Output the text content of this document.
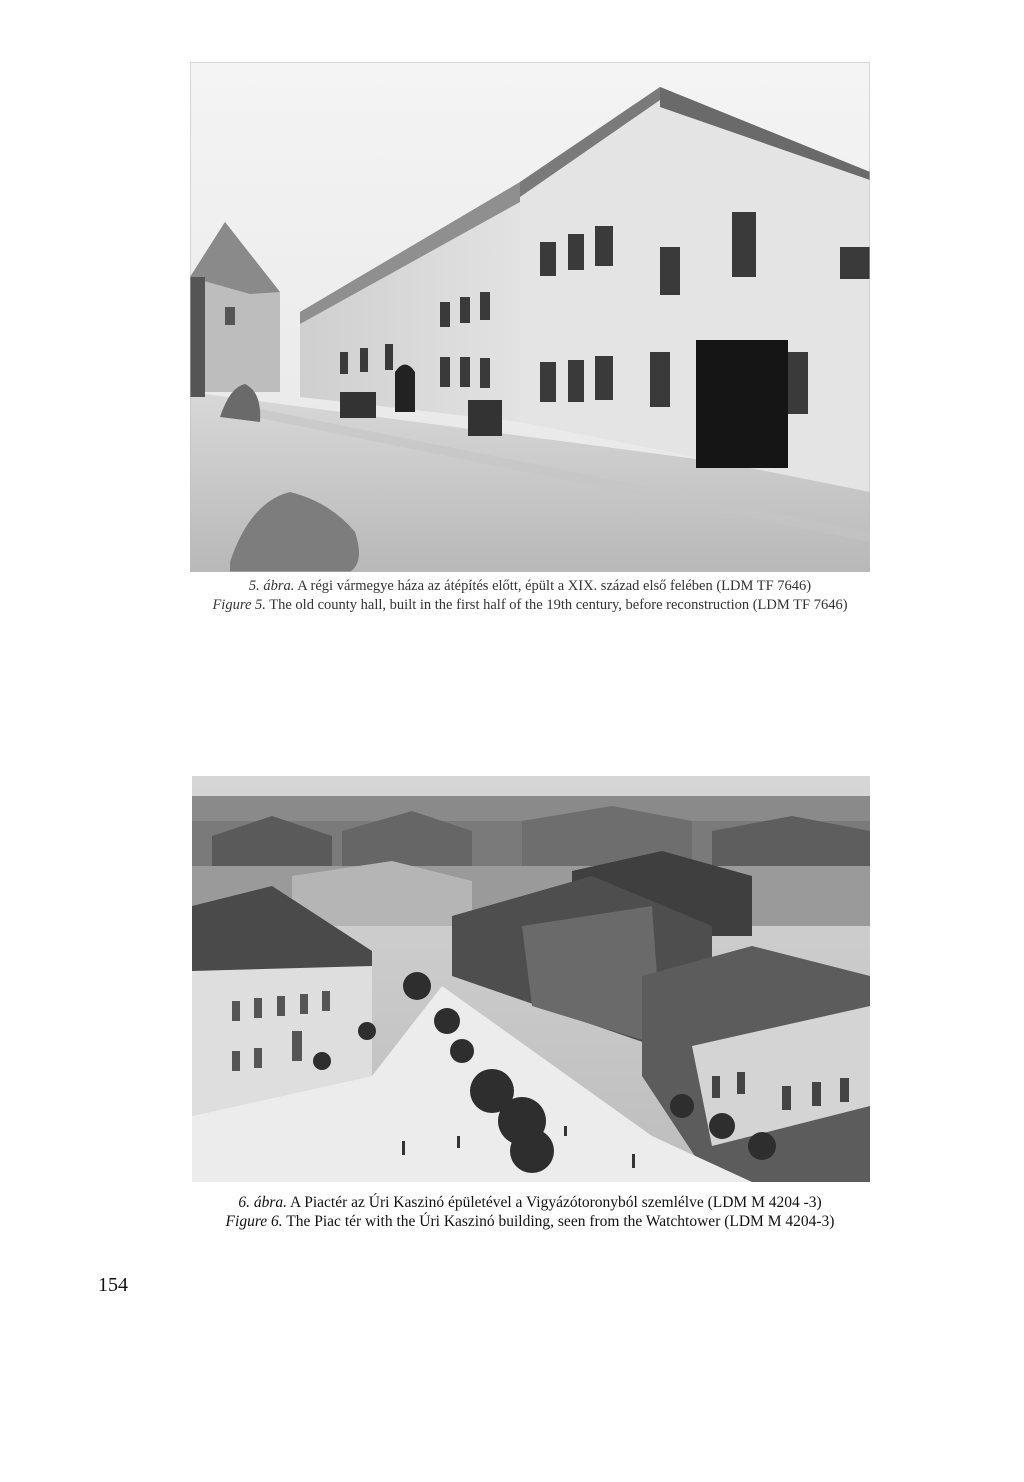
5. ábra. A régi vármegye háza az átépítés előtt, épült a XIX. század első felében (LDM TF 7646)
Figure 5. The old county hall, built in the first half of the 19th century, before reconstruction (LDM TF 7646)
6. ábra. A Piactér az Úri Kaszinó épületével a Vigyázótoronyból szemlélve (LDM M 4204 -3)
Figure 6. The Piac tér with the Úri Kaszinó building, seen from the Watchtower (LDM M 4204-3)
154
